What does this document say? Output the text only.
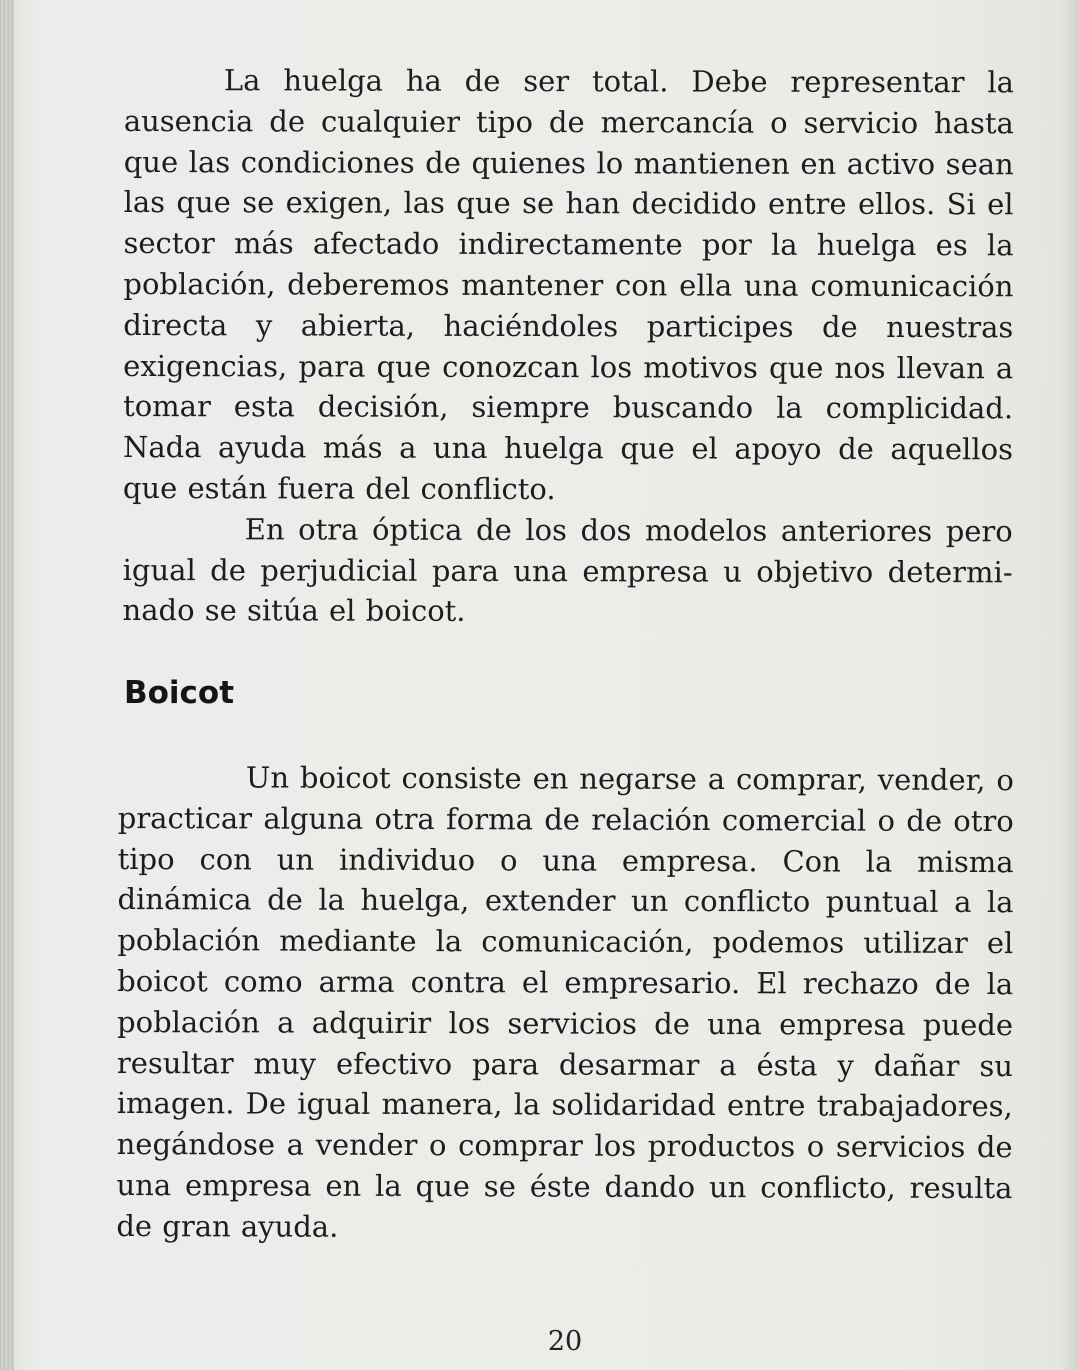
La huelga ha de ser total. Debe representar la ausencia de cualquier tipo de mercancía o servicio hasta que las condiciones de quienes lo mantienen en activo sean las que se exigen, las que se han decidido entre ellos. Si el sector más afectado indirectamente por la huelga es la población, deberemos mantener con ella una comunicación directa y abierta, haciéndoles participes de nuestras exigencias, para que conozcan los motivos que nos llevan a tomar esta decisión, siempre buscando la complicidad. Nada ayuda más a una huelga que el apoyo de aquellos que están fuera del conflicto.

En otra óptica de los dos modelos anteriores pero igual de perjudicial para una empresa u objetivo determinado se sitúa el boicot.

Boicot

Un boicot consiste en negarse a comprar, vender, o practicar alguna otra forma de relación comercial o de otro tipo con un individuo o una empresa. Con la misma dinámica de la huelga, extender un conflicto puntual a la población mediante la comunicación, podemos utilizar el boicot como arma contra el empresario. El rechazo de la población a adquirir los servicios de una empresa puede resultar muy efectivo para desarmar a ésta y dañar su imagen. De igual manera, la solidaridad entre trabajadores, negándose a vender o comprar los productos o servicios de una empresa en la que se éste dando un conflicto, resulta de gran ayuda.

20
